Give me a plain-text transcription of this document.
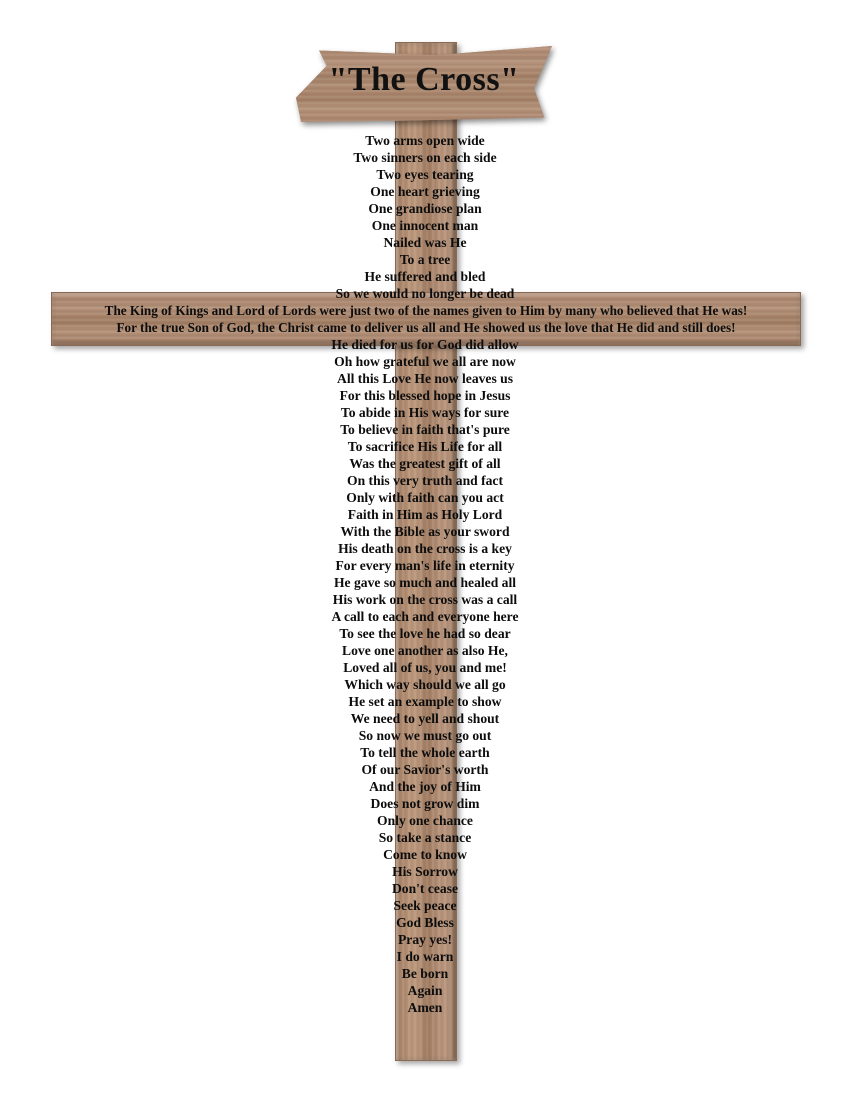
"The Cross"
Two arms open wide
Two sinners on each side
Two eyes tearing
One heart grieving
One grandiose plan
One innocent man
Nailed was He
To a tree
He suffered and bled
So we would no longer be dead
The King of Kings and Lord of Lords were just two of the names given to Him by many who believed that He was!
For the true Son of God, the Christ came to deliver us all and He showed us the love that He did and still does!
He died for us for God did allow
Oh how grateful we all are now
All this Love He now leaves us
For this blessed hope in Jesus
To abide in His ways for sure
To believe in faith that's pure
To sacrifice His Life for all
Was the greatest gift of all
On this very truth and fact
Only with faith can you act
Faith in Him as Holy Lord
With the Bible as your sword
His death on the cross is a key
For every man's life in eternity
He gave so much and healed all
His work on the cross was a call
A call to each and everyone here
To see the love he had so dear
Love one another as also He,
Loved all of us, you and me!
Which way should we all go
He set an example to show
We need to yell and shout
So now we must go out
To tell the whole earth
Of our Savior's worth
And the joy of Him
Does not grow dim
Only one chance
So take a stance
Come to know
His Sorrow
Don't cease
Seek peace
God Bless
Pray yes!
I do warn
Be born
Again
Amen
